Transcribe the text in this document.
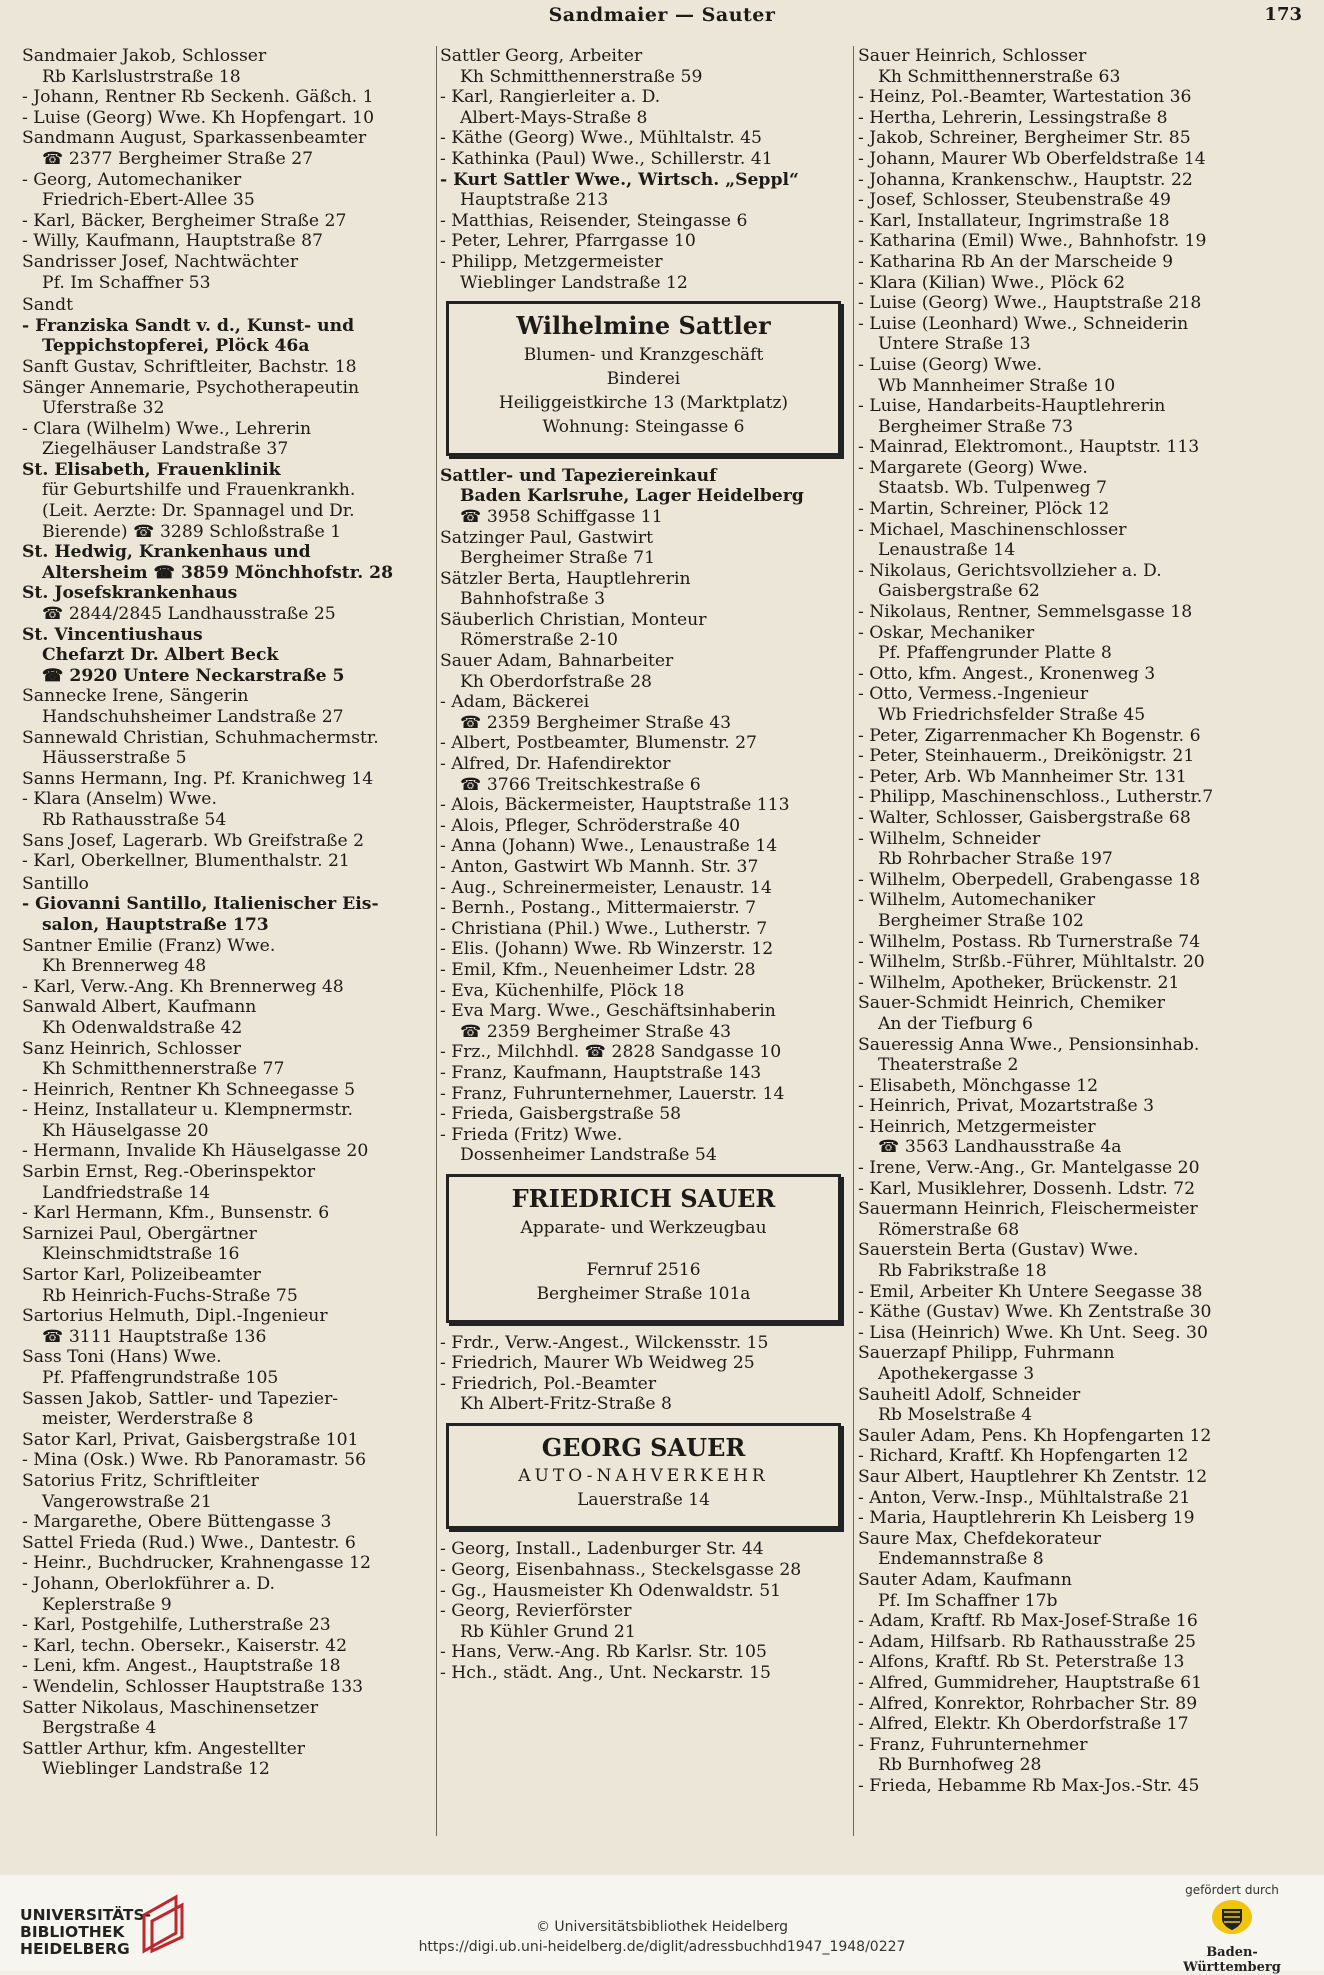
Sandmaier — Sauter	173
Sandmaier Jakob, Schlosser
Rb Karlslustrstraße 18
- Johann, Rentner Rb Seckenh. Gäßch. 1
- Luise (Georg) Wwe. Kh Hopfengart. 10
Sandmann August, Sparkassenbeamter
☎ 2377 Bergheimer Straße 27
- Georg, Automechaniker
Friedrich-Ebert-Allee 35
- Karl, Bäcker, Bergheimer Straße 27
- Willy, Kaufmann, Hauptstraße 87
Sandrisser Josef, Nachtwächter
Pf. Im Schaffner 53
Sandt
- Franziska Sandt v. d., Kunst- und
Teppichstopferei, Plöck 46a
Sanft Gustav, Schriftleiter, Bachstr. 18
Sänger Annemarie, Psychotherapeutin
Uferstraße 32
- Clara (Wilhelm) Wwe., Lehrerin
Ziegelhäuser Landstraße 37
St. Elisabeth, Frauenklinik
für Geburtshilfe und Frauenkrankh.
(Leit. Aerzte: Dr. Spannagel und Dr.
Bierende) ☎ 3289 Schloßstraße 1
St. Hedwig, Krankenhaus und
Altersheim ☎ 3859 Mönchhofstr. 28
St. Josefskrankenhaus
☎ 2844/2845 Landhausstraße 25
St. Vincentiushaus
Chefarzt Dr. Albert Beck
☎ 2920 Untere Neckarstraße 5
Sannecke Irene, Sängerin
Handschuhsheimer Landstraße 27
Sannewald Christian, Schuhmachermstr.
Häusserstraße 5
Sanns Hermann, Ing. Pf. Kranichweg 14
- Klara (Anselm) Wwe.
Rb Rathausstraße 54
Sans Josef, Lagerarb. Wb Greifstraße 2
- Karl, Oberkellner, Blumenthalstr. 21
Santillo
- Giovanni Santillo, Italienischer Eis-
salon, Hauptstraße 173
Santner Emilie (Franz) Wwe.
Kh Brennerweg 48
- Karl, Verw.-Ang. Kh Brennerweg 48
Sanwald Albert, Kaufmann
Kh Odenwaldstraße 42
Sanz Heinrich, Schlosser
Kh Schmitthennerstraße 77
- Heinrich, Rentner Kh Schneegasse 5
- Heinz, Installateur u. Klempnermstr.
Kh Häuselgasse 20
- Hermann, Invalide Kh Häuselgasse 20
Sarbin Ernst, Reg.-Oberinspektor
Landfriedstraße 14
- Karl Hermann, Kfm., Bunsenstr. 6
Sarnizei Paul, Obergärtner
Kleinschmidtstraße 16
Sartor Karl, Polizeibeamter
Rb Heinrich-Fuchs-Straße 75
Sartorius Helmuth, Dipl.-Ingenieur
☎ 3111 Hauptstraße 136
Sass Toni (Hans) Wwe.
Pf. Pfaffengrundstraße 105
Sassen Jakob, Sattler- und Tapezier-
meister, Werderstraße 8
Sator Karl, Privat, Gaisbergstraße 101
- Mina (Osk.) Wwe. Rb Panoramastr. 56
Satorius Fritz, Schriftleiter
Vangerowstraße 21
- Margarethe, Obere Büttengasse 3
Sattel Frieda (Rud.) Wwe., Dantestr. 6
- Heinr., Buchdrucker, Krahnengasse 12
- Johann, Oberlokführer a. D.
Keplerstraße 9
- Karl, Postgehilfe, Lutherstraße 23
- Karl, techn. Obersekr., Kaiserstr. 42
- Leni, kfm. Angest., Hauptstraße 18
- Wendelin, Schlosser Hauptstraße 133
Satter Nikolaus, Maschinensetzer
Bergstraße 4
Sattler Arthur, kfm. Angestellter
Wieblinger Landstraße 12
Sattler Georg, Arbeiter
Kh Schmitthennerstraße 59
- Karl, Rangierleiter a. D.
Albert-Mays-Straße 8
- Käthe (Georg) Wwe., Mühltalstr. 45
- Kathinka (Paul) Wwe., Schillerstr. 41
- Kurt Sattler Wwe., Wirtsch. „Seppl“
Hauptstraße 213
- Matthias, Reisender, Steingasse 6
- Peter, Lehrer, Pfarrgasse 10
- Philipp, Metzgermeister
Wieblinger Landstraße 12
Wilhelmine Sattler
Blumen- und Kranzgeschäft
Binderei
Heiliggeistkirche 13 (Marktplatz)
Wohnung: Steingasse 6
Sattler- und Tapeziereinkauf
Baden Karlsruhe, Lager Heidelberg
☎ 3958 Schiffgasse 11
Satzinger Paul, Gastwirt
Bergheimer Straße 71
Sätzler Berta, Hauptlehrerin
Bahnhofstraße 3
Säuberlich Christian, Monteur
Römerstraße 2-10
Sauer Adam, Bahnarbeiter
Kh Oberdorfstraße 28
- Adam, Bäckerei
☎ 2359 Bergheimer Straße 43
- Albert, Postbeamter, Blumenstr. 27
- Alfred, Dr. Hafendirektor
☎ 3766 Treitschkestraße 6
- Alois, Bäckermeister, Hauptstraße 113
- Alois, Pfleger, Schröderstraße 40
- Anna (Johann) Wwe., Lenaustraße 14
- Anton, Gastwirt Wb Mannh. Str. 37
- Aug., Schreinermeister, Lenaustr. 14
- Bernh., Postang., Mittermaierstr. 7
- Christiana (Phil.) Wwe., Lutherstr. 7
- Elis. (Johann) Wwe. Rb Winzerstr. 12
- Emil, Kfm., Neuenheimer Ldstr. 28
- Eva, Küchenhilfe, Plöck 18
- Eva Marg. Wwe., Geschäftsinhaberin
☎ 2359 Bergheimer Straße 43
- Frz., Milchhdl. ☎ 2828 Sandgasse 10
- Franz, Kaufmann, Hauptstraße 143
- Franz, Fuhrunternehmer, Lauerstr. 14
- Frieda, Gaisbergstraße 58
- Frieda (Fritz) Wwe.
Dossenheimer Landstraße 54
FRIEDRICH SAUER
Apparate- und Werkzeugbau
Fernruf 2516
Bergheimer Straße 101a
- Frdr., Verw.-Angest., Wilckensstr. 15
- Friedrich, Maurer Wb Weidweg 25
- Friedrich, Pol.-Beamter
Kh Albert-Fritz-Straße 8
GEORG SAUER
AUTO-NAHVERKEHR
Lauerstraße 14
- Georg, Install., Ladenburger Str. 44
- Georg, Eisenbahnass., Steckelsgasse 28
- Gg., Hausmeister Kh Odenwaldstr. 51
- Georg, Revierförster
Rb Kühler Grund 21
- Hans, Verw.-Ang. Rb Karlsr. Str. 105
- Hch., städt. Ang., Unt. Neckarstr. 15
Sauer Heinrich, Schlosser
Kh Schmitthennerstraße 63
- Heinz, Pol.-Beamter, Wartestation 36
- Hertha, Lehrerin, Lessingstraße 8
- Jakob, Schreiner, Bergheimer Str. 85
- Johann, Maurer Wb Oberfeldstraße 14
- Johanna, Krankenschw., Hauptstr. 22
- Josef, Schlosser, Steubenstraße 49
- Karl, Installateur, Ingrimstraße 18
- Katharina (Emil) Wwe., Bahnhofstr. 19
- Katharina Rb An der Marscheide 9
- Klara (Kilian) Wwe., Plöck 62
- Luise (Georg) Wwe., Hauptstraße 218
- Luise (Leonhard) Wwe., Schneiderin
Untere Straße 13
- Luise (Georg) Wwe.
Wb Mannheimer Straße 10
- Luise, Handarbeits-Hauptlehrerin
Bergheimer Straße 73
- Mainrad, Elektromont., Hauptstr. 113
- Margarete (Georg) Wwe.
Staatsb. Wb. Tulpenweg 7
- Martin, Schreiner, Plöck 12
- Michael, Maschinenschlosser
Lenaustraße 14
- Nikolaus, Gerichtsvollzieher a. D.
Gaisbergstraße 62
- Nikolaus, Rentner, Semmelsgasse 18
- Oskar, Mechaniker
Pf. Pfaffengrunder Platte 8
- Otto, kfm. Angest., Kronenweg 3
- Otto, Vermess.-Ingenieur
Wb Friedrichsfelder Straße 45
- Peter, Zigarrenmacher Kh Bogenstr. 6
- Peter, Steinhauerm., Dreikönigstr. 21
- Peter, Arb. Wb Mannheimer Str. 131
- Philipp, Maschinenschloss., Lutherstr.7
- Walter, Schlosser, Gaisbergstraße 68
- Wilhelm, Schneider
Rb Rohrbacher Straße 197
- Wilhelm, Oberpedell, Grabengasse 18
- Wilhelm, Automechaniker
Bergheimer Straße 102
- Wilhelm, Postass. Rb Turnerstraße 74
- Wilhelm, Strßb.-Führer, Mühltalstr. 20
- Wilhelm, Apotheker, Brückenstr. 21
Sauer-Schmidt Heinrich, Chemiker
An der Tiefburg 6
Saueressig Anna Wwe., Pensionsinhab.
Theaterstraße 2
- Elisabeth, Mönchgasse 12
- Heinrich, Privat, Mozartstraße 3
- Heinrich, Metzgermeister
☎ 3563 Landhausstraße 4a
- Irene, Verw.-Ang., Gr. Mantelgasse 20
- Karl, Musiklehrer, Dossenh. Ldstr. 72
Sauermann Heinrich, Fleischermeister
Römerstraße 68
Sauerstein Berta (Gustav) Wwe.
Rb Fabrikstraße 18
- Emil, Arbeiter Kh Untere Seegasse 38
- Käthe (Gustav) Wwe. Kh Zentstraße 30
- Lisa (Heinrich) Wwe. Kh Unt. Seeg. 30
Sauerzapf Philipp, Fuhrmann
Apothekergasse 3
Sauheitl Adolf, Schneider
Rb Moselstraße 4
Sauler Adam, Pens. Kh Hopfengarten 12
- Richard, Kraftf. Kh Hopfengarten 12
Saur Albert, Hauptlehrer Kh Zentstr. 12
- Anton, Verw.-Insp., Mühltalstraße 21
- Maria, Hauptlehrerin Kh Leisberg 19
Saure Max, Chefdekorateur
Endemannstraße 8
Sauter Adam, Kaufmann
Pf. Im Schaffner 17b
- Adam, Kraftf. Rb Max-Josef-Straße 16
- Adam, Hilfsarb. Rb Rathausstraße 25
- Alfons, Kraftf. Rb St. Peterstraße 13
- Alfred, Gummidreher, Hauptstraße 61
- Alfred, Konrektor, Rohrbacher Str. 89
- Alfred, Elektr. Kh Oberdorfstraße 17
- Franz, Fuhrunternehmer
Rb Burnhofweg 28
- Frieda, Hebamme Rb Max-Jos.-Str. 45
UNIVERSITÄTS-
BIBLIOTHEK
HEIDELBERG
© Universitätsbibliothek Heidelberg
https://digi.ub.uni-heidelberg.de/diglit/adressbuchhd1947_1948/0227
gefördert durch
Baden-Württemberg
